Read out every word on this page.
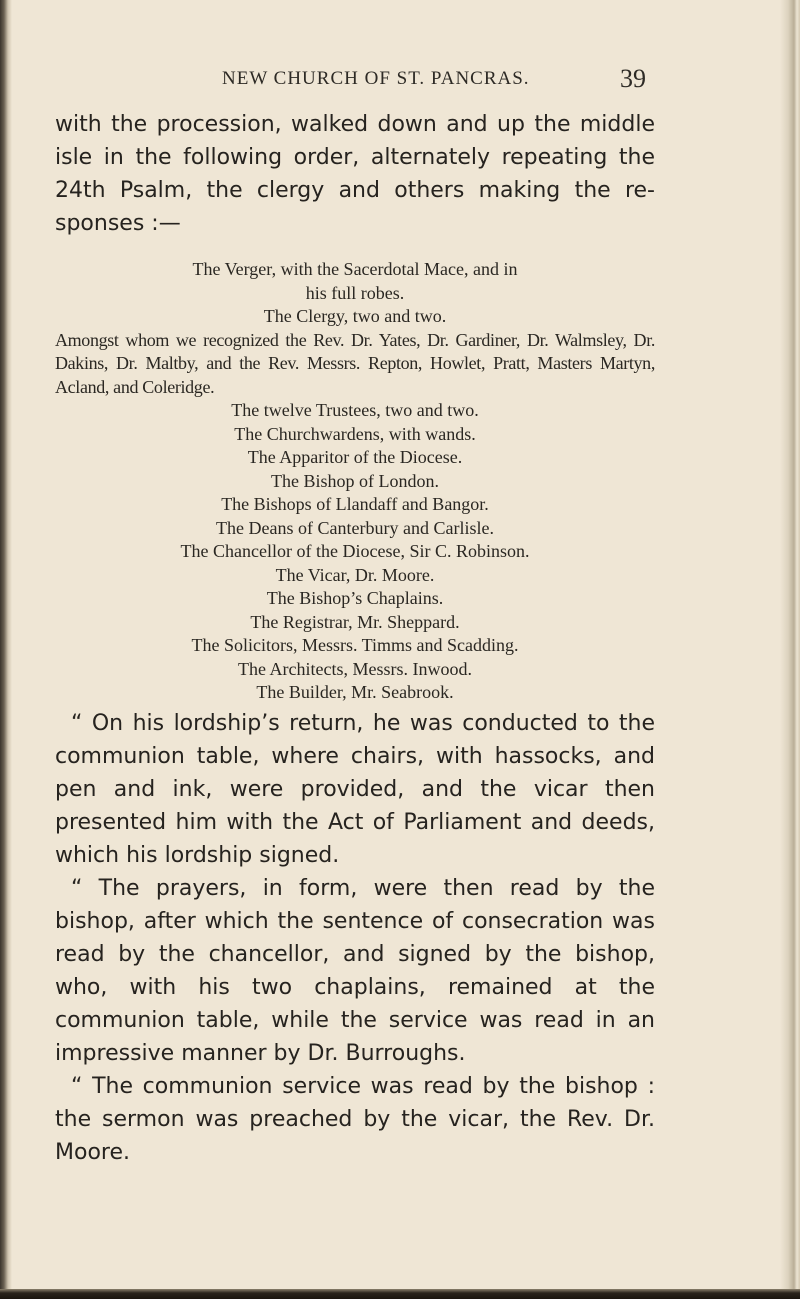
NEW CHURCH OF ST. PANCRAS.	39

with the procession, walked down and up the middle isle in the following order, alternately repeating the 24th Psalm, the clergy and others making the re- sponses :—

The Verger, with the Sacerdotal Mace, and in
his full robes.
The Clergy, two and two.
Amongst whom we recognized the Rev. Dr. Yates, Dr. Gardiner, Dr. Walmsley, Dr. Dakins, Dr. Maltby, and the Rev. Messrs. Repton, Howlet, Pratt, Masters Martyn, Acland, and Coleridge.
The twelve Trustees, two and two.
The Churchwardens, with wands.
The Apparitor of the Diocese.
The Bishop of London.
The Bishops of Llandaff and Bangor.
The Deans of Canterbury and Carlisle.
The Chancellor of the Diocese, Sir C. Robinson.
The Vicar, Dr. Moore.
The Bishop’s Chaplains.
The Registrar, Mr. Sheppard.
The Solicitors, Messrs. Timms and Scadding.
The Architects, Messrs. Inwood.
The Builder, Mr. Seabrook.

“ On his lordship’s return, he was conducted to the communion table, where chairs, with hassocks, and pen and ink, were provided, and the vicar then presented him with the Act of Parliament and deeds, which his lordship signed.

“ The prayers, in form, were then read by the bishop, after which the sentence of consecration was read by the chancellor, and signed by the bishop, who, with his two chaplains, remained at the communion table, while the service was read in an impressive manner by Dr. Burroughs.

“ The communion service was read by the bishop : the sermon was preached by the vicar, the Rev. Dr. Moore.
